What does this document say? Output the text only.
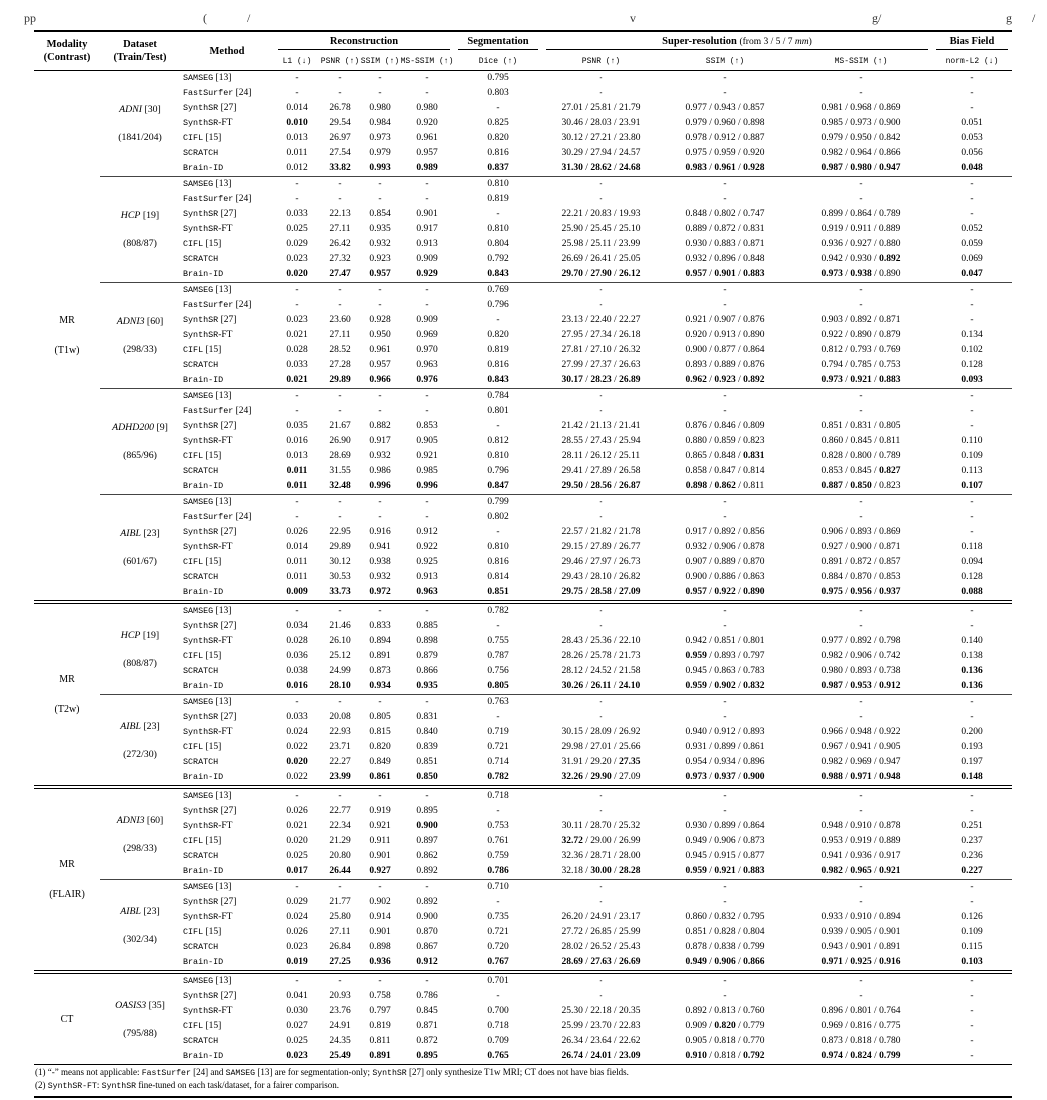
pp	(	/	v	g/	g /
Modality
(Contrast)

Dataset
(Train/Test)
	Method	
Reconstruction	Segmentation	Super-resolution (from 3 / 5 / 7 mm)	Bias Field

			L1 (↓)	PSNR (↑)	SSIM (↑)	MS-SSIM (↑)	Dice (↑)	PSNR (↑)	SSIM (↑)	MS-SSIM (↑)	norm-L2 (↓)

MR
(T1w)

ADNI [30]
(1841/204)
	SAMSEG [13]	-	-	-	-	0.795	-	-	-	-
		FastSurfer [24]	-	-	-	-	0.803	-	-	-	-
		SynthSR [27]	0.014	26.78	0.980	0.980	-	27.01 / 25.81 / 21.79	0.977 / 0.943 / 0.857	0.981 / 0.968 / 0.869	-
		SynthSR-FT	0.010	29.54	0.984	0.920	0.825	30.46 / 28.03 / 23.91	0.979 / 0.960 / 0.898	0.985 / 0.973 / 0.900	0.051
		CIFL [15]	0.013	26.97	0.973	0.961	0.820	30.12 / 27.21 / 23.80	0.978 / 0.912 / 0.887	0.979 / 0.950 / 0.842	0.053
		SCRATCH	0.011	27.54	0.979	0.957	0.816	30.29 / 27.94 / 24.57	0.975 / 0.959 / 0.920	0.982 / 0.964 / 0.866	0.056
		Brain-ID	0.012	33.82	0.993	0.989	0.837	31.30 / 28.62 / 24.68	0.983 / 0.961 / 0.928	0.987 / 0.980 / 0.947	0.048

	HCP [19]
(808/87)	SAMSEG [13]	-	-	-	-	0.810	-	-	-	-
		FastSurfer [24]	-	-	-	-	0.819	-	-	-	-
		SynthSR [27]	0.033	22.13	0.854	0.901	-	22.21 / 20.83 / 19.93	0.848 / 0.802 / 0.747	0.899 / 0.864 / 0.789	-
		SynthSR-FT	0.025	27.11	0.935	0.917	0.810	25.90 / 25.45 / 25.10	0.889 / 0.872 / 0.831	0.919 / 0.911 / 0.889	0.052
		CIFL [15]	0.029	26.42	0.932	0.913	0.804	25.98 / 25.11 / 23.99	0.930 / 0.883 / 0.871	0.936 / 0.927 / 0.880	0.059
		SCRATCH	0.023	27.32	0.923	0.909	0.792	26.69 / 26.41 / 25.05	0.932 / 0.896 / 0.848	0.942 / 0.930 / 0.892	0.069
		Brain-ID	0.020	27.47	0.957	0.929	0.843	29.70 / 27.90 / 26.12	0.957 / 0.901 / 0.883	0.973 / 0.938 / 0.890	0.047

	ADNI3 [60]
(298/33)	SAMSEG [13]	-	-	-	-	0.769	-	-	-	-
		FastSurfer [24]	-	-	-	-	0.796	-	-	-	-
		SynthSR [27]	0.023	23.60	0.928	0.909	-	23.13 / 22.40 / 22.27	0.921 / 0.907 / 0.876	0.903 / 0.892 / 0.871	-
		SynthSR-FT	0.021	27.11	0.950	0.969	0.820	27.95 / 27.34 / 26.18	0.920 / 0.913 / 0.890	0.922 / 0.890 / 0.879	0.134
		CIFL [15]	0.028	28.52	0.961	0.970	0.819	27.81 / 27.10 / 26.32	0.900 / 0.877 / 0.864	0.812 / 0.793 / 0.769	0.102
		SCRATCH	0.033	27.28	0.957	0.963	0.816	27.99 / 27.37 / 26.63	0.893 / 0.889 / 0.876	0.794 / 0.785 / 0.753	0.128
		Brain-ID	0.021	29.89	0.966	0.976	0.843	30.17 / 28.23 / 26.89	0.962 / 0.923 / 0.892	0.973 / 0.921 / 0.883	0.093

	ADHD200 [9]
(865/96)	SAMSEG [13]	-	-	-	-	0.784	-	-	-	-
		FastSurfer [24]	-	-	-	-	0.801	-	-	-	-
		SynthSR [27]	0.035	21.67	0.882	0.853	-	21.42 / 21.13 / 21.41	0.876 / 0.846 / 0.809	0.851 / 0.831 / 0.805	-
		SynthSR-FT	0.016	26.90	0.917	0.905	0.812	28.55 / 27.43 / 25.94	0.880 / 0.859 / 0.823	0.860 / 0.845 / 0.811	0.110
		CIFL [15]	0.013	28.69	0.932	0.921	0.810	28.11 / 26.12 / 25.11	0.865 / 0.848 / 0.831	0.828 / 0.800 / 0.789	0.109
		SCRATCH	0.011	31.55	0.986	0.985	0.796	29.41 / 27.89 / 26.58	0.858 / 0.847 / 0.814	0.853 / 0.845 / 0.827	0.113
		Brain-ID	0.011	32.48	0.996	0.996	0.847	29.50 / 28.56 / 26.87	0.898 / 0.862 / 0.811	0.887 / 0.850 / 0.823	0.107

	AIBL [23]
(601/67)	SAMSEG [13]	-	-	-	-	0.799	-	-	-	-
		FastSurfer [24]	-	-	-	-	0.802	-	-	-	-
		SynthSR [27]	0.026	22.95	0.916	0.912	-	22.57 / 21.82 / 21.78	0.917 / 0.892 / 0.856	0.906 / 0.893 / 0.869	-
		SynthSR-FT	0.014	29.89	0.941	0.922	0.810	29.15 / 27.89 / 26.77	0.932 / 0.906 / 0.878	0.927 / 0.900 / 0.871	0.118
		CIFL [15]	0.011	30.12	0.938	0.925	0.816	29.46 / 27.97 / 26.73	0.907 / 0.889 / 0.870	0.891 / 0.872 / 0.857	0.094
		SCRATCH	0.011	30.53	0.932	0.913	0.814	29.43 / 28.10 / 26.82	0.900 / 0.886 / 0.863	0.884 / 0.870 / 0.853	0.128
		Brain-ID	0.009	33.73	0.972	0.963	0.851	29.75 / 28.58 / 27.09	0.957 / 0.922 / 0.890	0.975 / 0.956 / 0.937	0.088

MR
(T2w)

HCP [19]
(808/87)
	SAMSEG [13]	-	-	-	-	0.782	-	-	-	-
		SynthSR [27]	0.034	21.46	0.833	0.885	-	-	-	-	-
		SynthSR-FT	0.028	26.10	0.894	0.898	0.755	28.43 / 25.36 / 22.10	0.942 / 0.851 / 0.801	0.977 / 0.892 / 0.798	0.140
		CIFL [15]	0.036	25.12	0.891	0.879	0.787	28.26 / 25.78 / 21.73	0.959 / 0.893 / 0.797	0.982 / 0.906 / 0.742	0.138
		SCRATCH	0.038	24.99	0.873	0.866	0.756	28.12 / 24.52 / 21.58	0.945 / 0.863 / 0.783	0.980 / 0.893 / 0.738	0.136
		Brain-ID	0.016	28.10	0.934	0.935	0.805	30.26 / 26.11 / 24.10	0.959 / 0.902 / 0.832	0.987 / 0.953 / 0.912	0.136

	AIBL [23]
(272/30)	SAMSEG [13]	-	-	-	-	0.763	-	-	-	-
		SynthSR [27]	0.033	20.08	0.805	0.831	-	-	-	-	-
		SynthSR-FT	0.024	22.93	0.815	0.840	0.719	30.15 / 28.09 / 26.92	0.940 / 0.912 / 0.893	0.966 / 0.948 / 0.922	0.200
		CIFL [15]	0.022	23.71	0.820	0.839	0.721	29.98 / 27.01 / 25.66	0.931 / 0.899 / 0.861	0.967 / 0.941 / 0.905	0.193
		SCRATCH	0.020	22.27	0.849	0.851	0.714	31.91 / 29.20 / 27.35	0.954 / 0.934 / 0.896	0.982 / 0.969 / 0.947	0.197
		Brain-ID	0.022	23.99	0.861	0.850	0.782	32.26 / 29.90 / 27.09	0.973 / 0.937 / 0.900	0.988 / 0.971 / 0.948	0.148

MR
(FLAIR)

ADNI3 [60]
(298/33)
	SAMSEG [13]	-	-	-	-	0.718	-	-	-	-
		SynthSR [27]	0.026	22.77	0.919	0.895	-	-	-	-	-
		SynthSR-FT	0.021	22.34	0.921	0.900	0.753	30.11 / 28.70 / 25.32	0.930 / 0.899 / 0.864	0.948 / 0.910 / 0.878	0.251
		CIFL [15]	0.020	21.29	0.911	0.897	0.761	32.72 / 29.00 / 26.99	0.949 / 0.906 / 0.873	0.953 / 0.919 / 0.889	0.237
		SCRATCH	0.025	20.80	0.901	0.862	0.759	32.36 / 28.71 / 28.00	0.945 / 0.915 / 0.877	0.941 / 0.936 / 0.917	0.236
		Brain-ID	0.017	26.44	0.927	0.892	0.786	32.18 / 30.00 / 28.28	0.959 / 0.921 / 0.883	0.982 / 0.965 / 0.921	0.227

	AIBL [23]
(302/34)	SAMSEG [13]	-	-	-	-	0.710	-	-	-	-
		SynthSR [27]	0.029	21.77	0.902	0.892	-	-	-	-	-
		SynthSR-FT	0.024	25.80	0.914	0.900	0.735	26.20 / 24.91 / 23.17	0.860 / 0.832 / 0.795	0.933 / 0.910 / 0.894	0.126
		CIFL [15]	0.026	27.11	0.901	0.870	0.721	27.72 / 26.85 / 25.99	0.851 / 0.828 / 0.804	0.939 / 0.905 / 0.901	0.109
		SCRATCH	0.023	26.84	0.898	0.867	0.720	28.02 / 26.52 / 25.43	0.878 / 0.838 / 0.799	0.943 / 0.901 / 0.891	0.115
		Brain-ID	0.019	27.25	0.936	0.912	0.767	28.69 / 27.63 / 26.69	0.949 / 0.906 / 0.866	0.971 / 0.925 / 0.916	0.103

CT	OASIS3 [35]
(795/88)	SAMSEG [13]	-	-	-	-	0.701	-	-	-	-
		SynthSR [27]	0.041	20.93	0.758	0.786	-	-	-	-	-
		SynthSR-FT	0.030	23.76	0.797	0.845	0.700	25.30 / 22.18 / 20.35	0.892 / 0.813 / 0.760	0.896 / 0.801 / 0.764	-
		CIFL [15]	0.027	24.91	0.819	0.871	0.718	25.99 / 23.70 / 22.83	0.909 / 0.820 / 0.779	0.969 / 0.816 / 0.775	-
		SCRATCH	0.025	24.35	0.811	0.872	0.709	26.34 / 23.64 / 22.62	0.905 / 0.818 / 0.770	0.873 / 0.818 / 0.780	-
		Brain-ID	0.023	25.49	0.891	0.895	0.765	26.74 / 24.01 / 23.09	0.910 / 0.818 / 0.792	0.974 / 0.824 / 0.799	-
(1) “-” means not applicable: FastSurfer [24] and SAMSEG [13] are for segmentation-only; SynthSR [27] only synthesize T1w MRI; CT does not have bias fields.
(2) SynthSR-FT: SynthSR fine-tuned on each task/dataset, for a fairer comparison.
